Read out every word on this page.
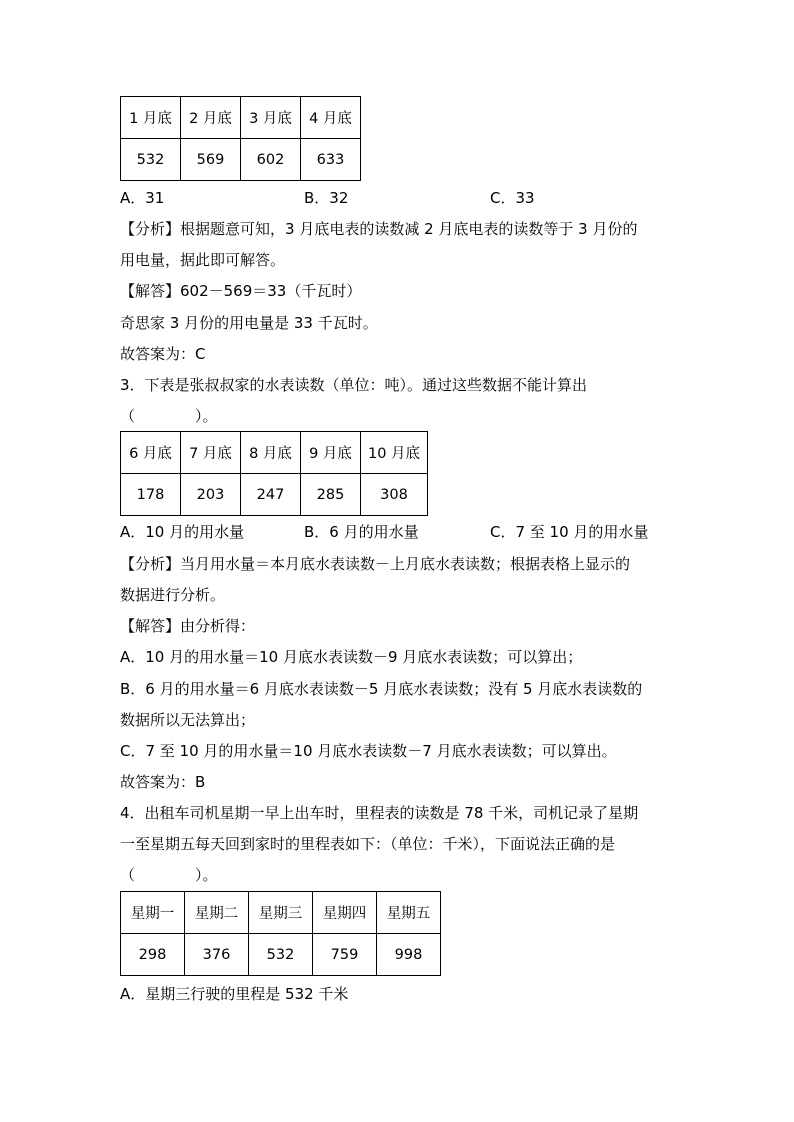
1 月底	2 月底	3 月底	4 月底
532	569	602	633
A．31	B．32	C．33
【分析】根据题意可知，3 月底电表的读数减 2 月底电表的读数等于 3 月份的
用电量，据此即可解答。
【解答】602－569＝33（千瓦时）
奇思家 3 月份的用电量是 33 千瓦时。
故答案为：C
3．下表是张叔叔家的水表读数（单位：吨）。通过这些数据不能计算出
（　　　　）。
6 月底	7 月底	8 月底	9 月底	10 月底
178	203	247	285	308
A．10 月的用水量	B．6 月的用水量	C．7 至 10 月的用水量
【分析】当月用水量＝本月底水表读数－上月底水表读数；根据表格上显示的
数据进行分析。
【解答】由分析得：
A．10 月的用水量＝10 月底水表读数－9 月底水表读数；可以算出；
B．6 月的用水量＝6 月底水表读数－5 月底水表读数；没有 5 月底水表读数的
数据所以无法算出；
C．7 至 10 月的用水量＝10 月底水表读数－7 月底水表读数；可以算出。
故答案为：B
4．出租车司机星期一早上出车时，里程表的读数是 78 千米，司机记录了星期
一至星期五每天回到家时的里程表如下：（单位：千米），下面说法正确的是
（　　　　）。
星期一	星期二	星期三	星期四	星期五
298	376	532	759	998
A．星期三行驶的里程是 532 千米
